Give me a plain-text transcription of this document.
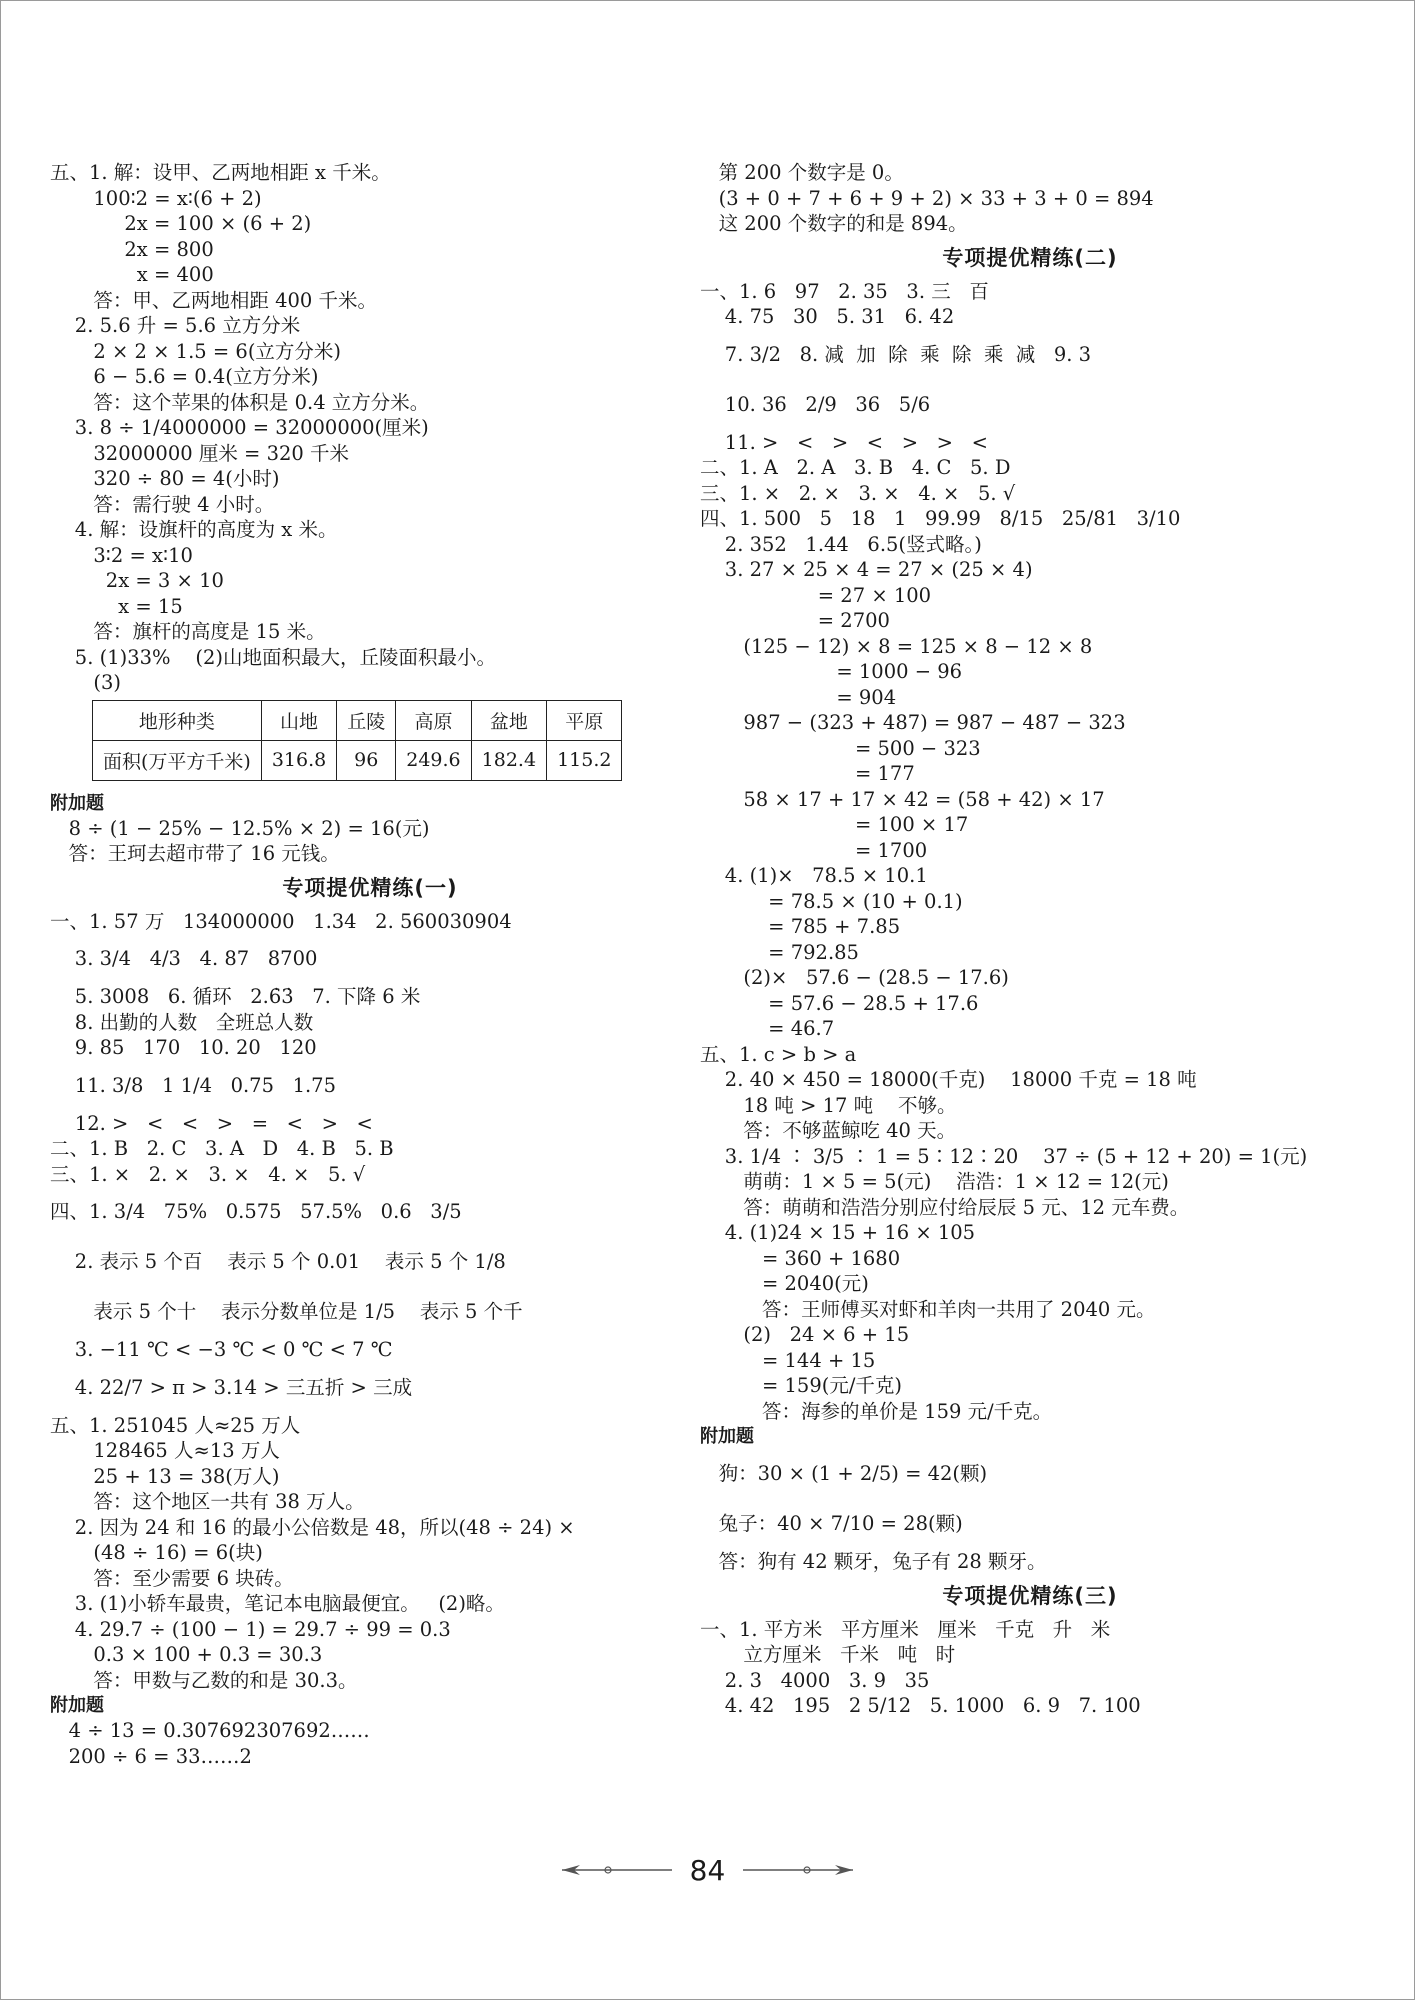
五、1. 解：设甲、乙两地相距 x 千米。
100∶2 = x∶(6 + 2)
2x = 100 × (6 + 2)
2x = 800
x = 400
答：甲、乙两地相距 400 千米。
2. 5.6 升 = 5.6 立方分米
2 × 2 × 1.5 = 6(立方分米)
6 − 5.6 = 0.4(立方分米)
答：这个苹果的体积是 0.4 立方分米。
3. 8 ÷ 1/4000000 = 32000000(厘米)
32000000 厘米 = 320 千米
320 ÷ 80 = 4(小时)
答：需行驶 4 小时。
4. 解：设旗杆的高度为 x 米。
3∶2 = x∶10
2x = 3 × 10
x = 15
答：旗杆的高度是 15 米。
5. (1)33%    (2)山地面积最大，丘陵面积最小。
(3)
地形种类	山地	丘陵	高原	盆地	平原
面积(万平方千米)	316.8	96	249.6	182.4	115.2
附加题
8 ÷ (1 − 25% − 12.5% × 2) = 16(元)
答：王珂去超市带了 16 元钱。
专项提优精练(一)
一、1. 57 万   134000000   1.34   2. 560030904
3. 3/4   4/3   4. 87   8700
5. 3008   6. 循环   2.6̇3̇   7. 下降 6 米
8. 出勤的人数   全班总人数
9. 85   170   10. 20   120
11. 3/8   1 1/4   0.75   1.75
12. >   <   <   >   =   <   >   <
二、1. B   2. C   3. A   D   4. B   5. B
三、1. ×   2. ×   3. ×   4. ×   5. √
四、1. 3/4   75%   0.575   57.5%   0.6   3/5
2. 表示 5 个百    表示 5 个 0.01    表示 5 个 1/8
表示 5 个十    表示分数单位是 1/5    表示 5 个千
3. −11 ℃ < −3 ℃ < 0 ℃ < 7 ℃
4. 22/7 > π > 3.14 > 三五折 > 三成
五、1. 251045 人≈25 万人
128465 人≈13 万人
25 + 13 = 38(万人)
答：这个地区一共有 38 万人。
2. 因为 24 和 16 的最小公倍数是 48，所以(48 ÷ 24) ×
(48 ÷ 16) = 6(块)
答：至少需要 6 块砖。
3. (1)小轿车最贵，笔记本电脑最便宜。   (2)略。
4. 29.7 ÷ (100 − 1) = 29.7 ÷ 99 = 0.3
0.3 × 100 + 0.3 = 30.3
答：甲数与乙数的和是 30.3。
附加题
4 ÷ 13 = 0.307692307692……
200 ÷ 6 = 33……2
第 200 个数字是 0。
(3 + 0 + 7 + 6 + 9 + 2) × 33 + 3 + 0 = 894
这 200 个数字的和是 894。
专项提优精练(二)
一、1. 6   97   2. 35   3. 三   百
4. 75   30   5. 31   6. 42
7. 3/2   8. 减  加  除  乘  除  乘  减   9. 3
10. 36   2/9   36   5/6
11. >   <   >   <   >   >   <
二、1. A   2. A   3. B   4. C   5. D
三、1. ×   2. ×   3. ×   4. ×   5. √
四、1. 500   5   18   1   99.99   8/15   25/81   3/10
2. 352   1.44   6.5(竖式略。)
3. 27 × 25 × 4 = 27 × (25 × 4)
= 27 × 100
= 2700
(125 − 12) × 8 = 125 × 8 − 12 × 8
= 1000 − 96
= 904
987 − (323 + 487) = 987 − 487 − 323
= 500 − 323
= 177
58 × 17 + 17 × 42 = (58 + 42) × 17
= 100 × 17
= 1700
4. (1)×   78.5 × 10.1
= 78.5 × (10 + 0.1)
= 785 + 7.85
= 792.85
(2)×   57.6 − (28.5 − 17.6)
= 57.6 − 28.5 + 17.6
= 46.7
五、1. c > b > a
2. 40 × 450 = 18000(千克)    18000 千克 = 18 吨
18 吨 > 17 吨    不够。
答：不够蓝鲸吃 40 天。
3. 1/4 ∶ 3/5 ∶ 1 = 5∶12∶20    37 ÷ (5 + 12 + 20) = 1(元)
萌萌：1 × 5 = 5(元)    浩浩：1 × 12 = 12(元)
答：萌萌和浩浩分别应付给辰辰 5 元、12 元车费。
4. (1)24 × 15 + 16 × 105
= 360 + 1680
= 2040(元)
答：王师傅买对虾和羊肉一共用了 2040 元。
(2)   24 × 6 + 15
= 144 + 15
= 159(元/千克)
答：海参的单价是 159 元/千克。
附加题
狗：30 × (1 + 2/5) = 42(颗)
兔子：40 × 7/10 = 28(颗)
答：狗有 42 颗牙，兔子有 28 颗牙。
专项提优精练(三)
一、1. 平方米   平方厘米   厘米   千克   升   米
立方厘米   千米   吨   时
2. 3   4000   3. 9   35
4. 42   195   2 5/12   5. 1000   6. 9   7. 100
84
